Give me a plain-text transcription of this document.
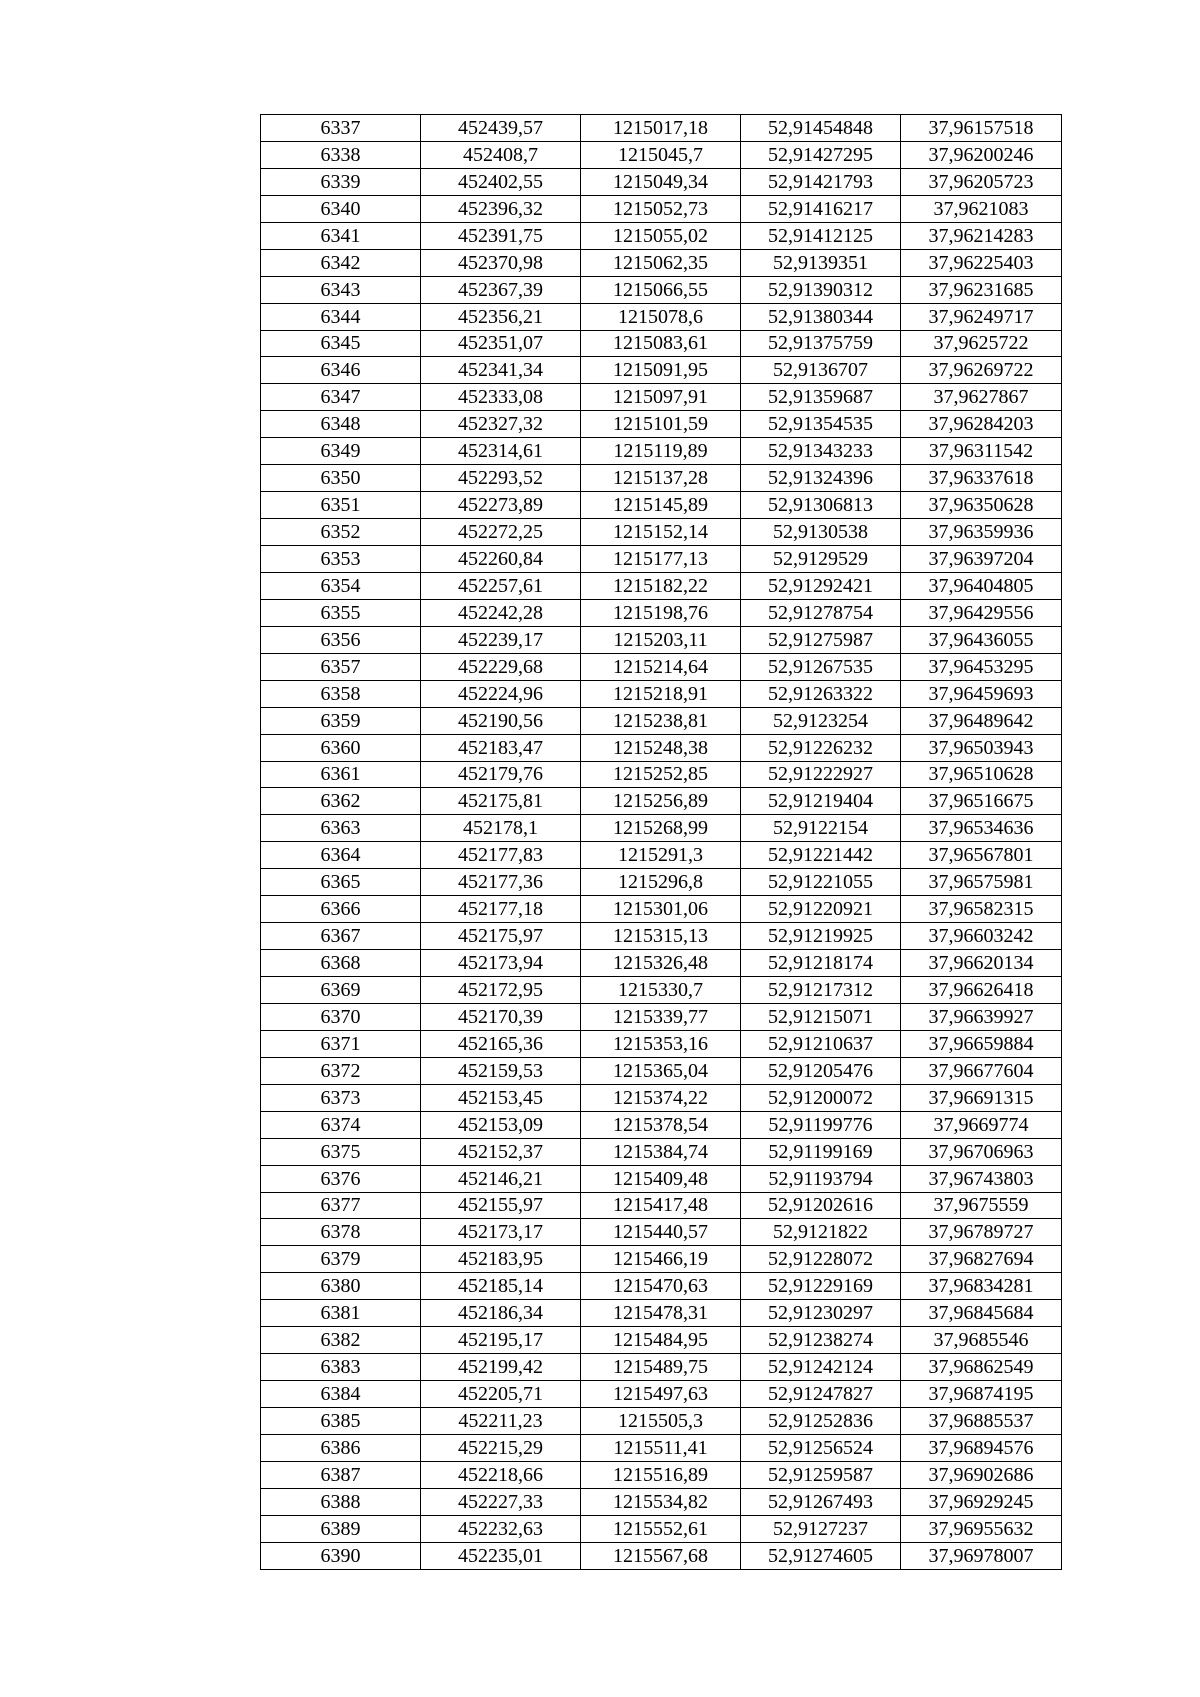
6337	452439,57	1215017,18	52,91454848	37,96157518
6338	452408,7	1215045,7	52,91427295	37,96200246
6339	452402,55	1215049,34	52,91421793	37,96205723
6340	452396,32	1215052,73	52,91416217	37,9621083
6341	452391,75	1215055,02	52,91412125	37,96214283
6342	452370,98	1215062,35	52,9139351	37,96225403
6343	452367,39	1215066,55	52,91390312	37,96231685
6344	452356,21	1215078,6	52,91380344	37,96249717
6345	452351,07	1215083,61	52,91375759	37,9625722
6346	452341,34	1215091,95	52,9136707	37,96269722
6347	452333,08	1215097,91	52,91359687	37,9627867
6348	452327,32	1215101,59	52,91354535	37,96284203
6349	452314,61	1215119,89	52,91343233	37,96311542
6350	452293,52	1215137,28	52,91324396	37,96337618
6351	452273,89	1215145,89	52,91306813	37,96350628
6352	452272,25	1215152,14	52,9130538	37,96359936
6353	452260,84	1215177,13	52,9129529	37,96397204
6354	452257,61	1215182,22	52,91292421	37,96404805
6355	452242,28	1215198,76	52,91278754	37,96429556
6356	452239,17	1215203,11	52,91275987	37,96436055
6357	452229,68	1215214,64	52,91267535	37,96453295
6358	452224,96	1215218,91	52,91263322	37,96459693
6359	452190,56	1215238,81	52,9123254	37,96489642
6360	452183,47	1215248,38	52,91226232	37,96503943
6361	452179,76	1215252,85	52,91222927	37,96510628
6362	452175,81	1215256,89	52,91219404	37,96516675
6363	452178,1	1215268,99	52,9122154	37,96534636
6364	452177,83	1215291,3	52,91221442	37,96567801
6365	452177,36	1215296,8	52,91221055	37,96575981
6366	452177,18	1215301,06	52,91220921	37,96582315
6367	452175,97	1215315,13	52,91219925	37,96603242
6368	452173,94	1215326,48	52,91218174	37,96620134
6369	452172,95	1215330,7	52,91217312	37,96626418
6370	452170,39	1215339,77	52,91215071	37,96639927
6371	452165,36	1215353,16	52,91210637	37,96659884
6372	452159,53	1215365,04	52,91205476	37,96677604
6373	452153,45	1215374,22	52,91200072	37,96691315
6374	452153,09	1215378,54	52,91199776	37,9669774
6375	452152,37	1215384,74	52,91199169	37,96706963
6376	452146,21	1215409,48	52,91193794	37,96743803
6377	452155,97	1215417,48	52,91202616	37,9675559
6378	452173,17	1215440,57	52,9121822	37,96789727
6379	452183,95	1215466,19	52,91228072	37,96827694
6380	452185,14	1215470,63	52,91229169	37,96834281
6381	452186,34	1215478,31	52,91230297	37,96845684
6382	452195,17	1215484,95	52,91238274	37,9685546
6383	452199,42	1215489,75	52,91242124	37,96862549
6384	452205,71	1215497,63	52,91247827	37,96874195
6385	452211,23	1215505,3	52,91252836	37,96885537
6386	452215,29	1215511,41	52,91256524	37,96894576
6387	452218,66	1215516,89	52,91259587	37,96902686
6388	452227,33	1215534,82	52,91267493	37,96929245
6389	452232,63	1215552,61	52,9127237	37,96955632
6390	452235,01	1215567,68	52,91274605	37,96978007
